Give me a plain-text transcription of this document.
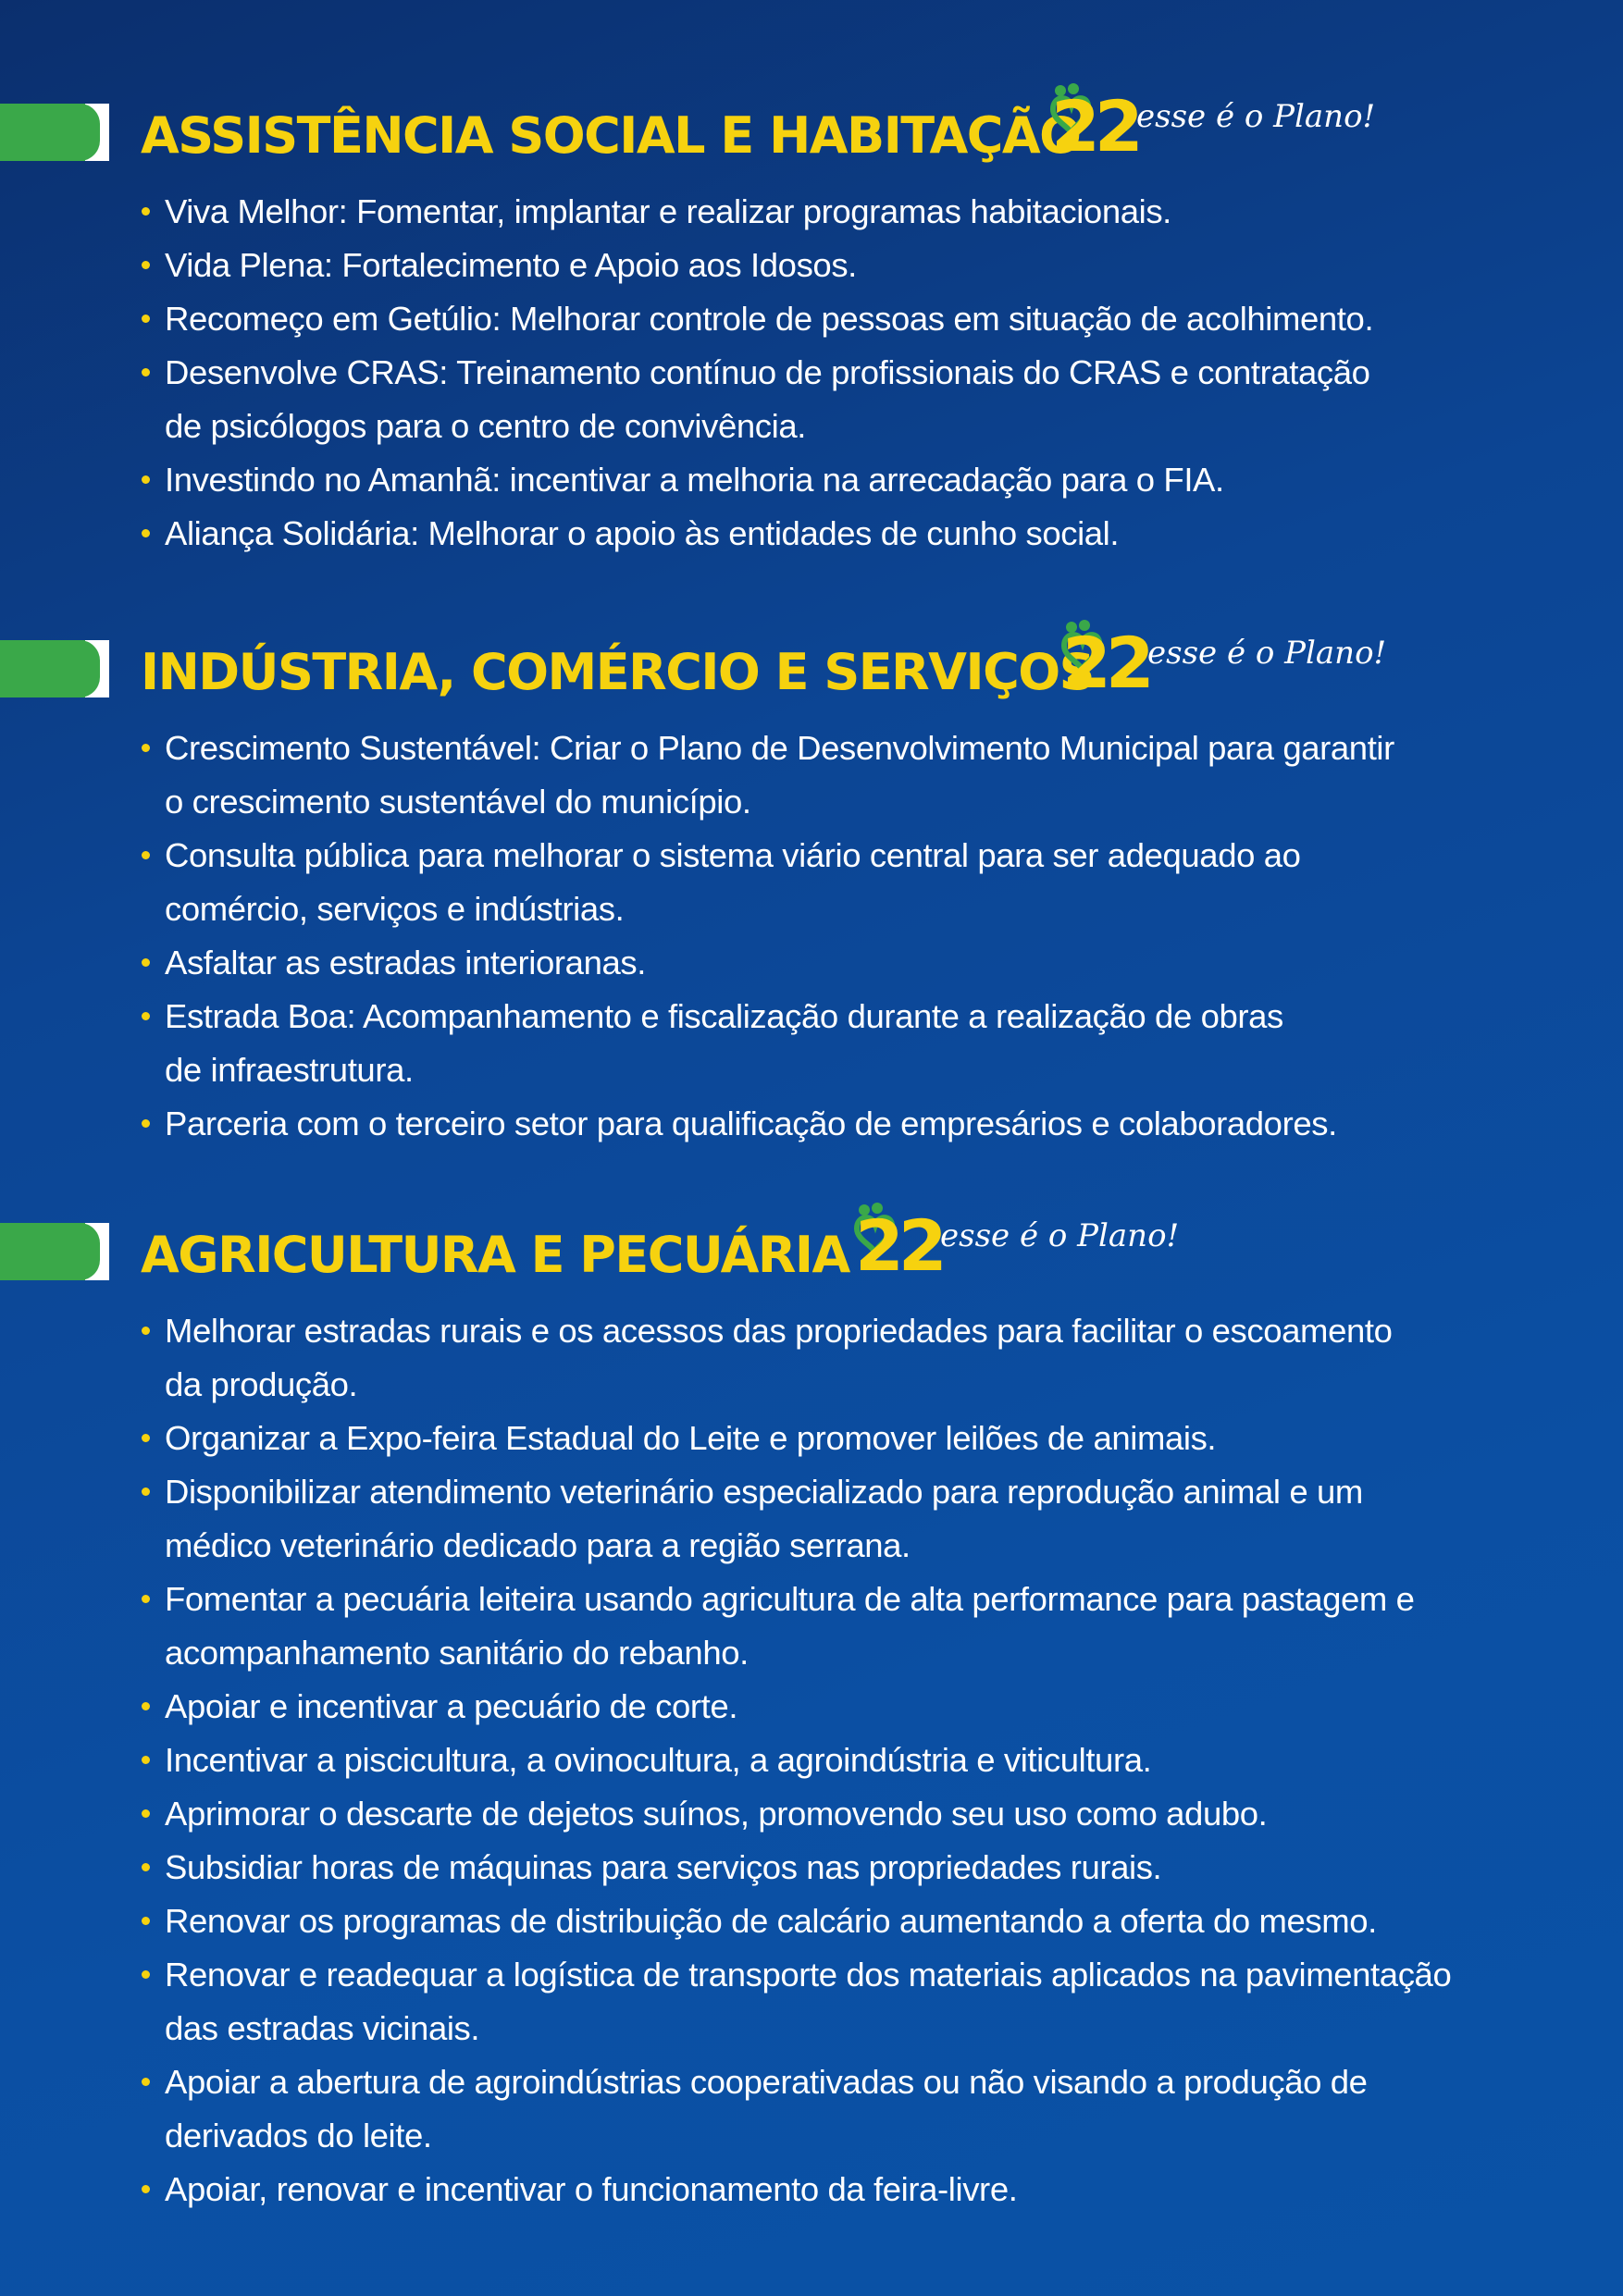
ASSISTÊNCIA SOCIAL E HABITAÇÃO
22
esse é o Plano!
Viva Melhor: Fomentar, implantar e realizar programas habitacionais.
Vida Plena: Fortalecimento e Apoio aos Idosos.
Recomeço em Getúlio: Melhorar controle de pessoas em situação de acolhimento.
Desenvolve CRAS: Treinamento contínuo de profissionais do CRAS e contratação
de psicólogos para o centro de convivência.
Investindo no Amanhã: incentivar a melhoria na arrecadação para o FIA.
Aliança Solidária: Melhorar o apoio às entidades de cunho social.
INDÚSTRIA, COMÉRCIO E SERVIÇOS
22
esse é o Plano!
Crescimento Sustentável: Criar o Plano de Desenvolvimento Municipal para garantir
o crescimento sustentável do município.
Consulta pública para melhorar o sistema viário central para ser adequado ao
comércio, serviços e indústrias.
Asfaltar as estradas interioranas.
Estrada Boa: Acompanhamento e fiscalização durante a realização de obras
de infraestrutura.
Parceria com o terceiro setor para qualificação de empresários e colaboradores.
AGRICULTURA E PECUÁRIA 22
esse é o Plano!
Melhorar estradas rurais e os acessos das propriedades para facilitar o escoamento
da produção.
Organizar a Expo-feira Estadual do Leite e promover leilões de animais.
Disponibilizar atendimento veterinário especializado para reprodução animal e um
médico veterinário dedicado para a região serrana.
Fomentar a pecuária leiteira usando agricultura de alta performance para pastagem e
acompanhamento sanitário do rebanho.
Apoiar e incentivar a pecuário de corte.
Incentivar a piscicultura, a ovinocultura, a agroindústria e viticultura.
Aprimorar o descarte de dejetos suínos, promovendo seu uso como adubo.
Subsidiar horas de máquinas para serviços nas propriedades rurais.
Renovar os programas de distribuição de calcário aumentando a oferta do mesmo.
Renovar e readequar a logística de transporte dos materiais aplicados na pavimentação
das estradas vicinais.
Apoiar a abertura de agroindústrias cooperativadas ou não visando a produção de
derivados do leite.
Apoiar, renovar e incentivar o funcionamento da feira-livre.
